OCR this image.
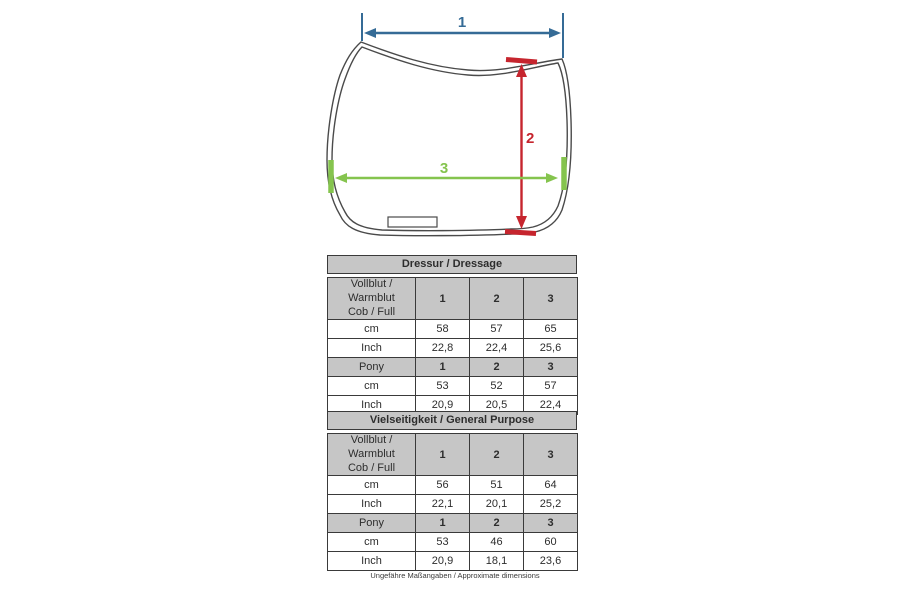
1
2
3
Dressur / Dressage
Vollblut / Warmblut
Cob / Full	1	2	3
cm	58	57	65
Inch	22,8	22,4	25,6
Pony	1	2	3
cm	53	52	57
Inch	20,9	20,5	22,4
Vielseitigkeit / General Purpose
Vollblut / Warmblut
Cob / Full	1	2	3
cm	56	51	64
Inch	22,1	20,1	25,2
Pony	1	2	3
cm	53	46	60
Inch	20,9	18,1	23,6
Ungefähre Maßangaben / Approximate dimensions
